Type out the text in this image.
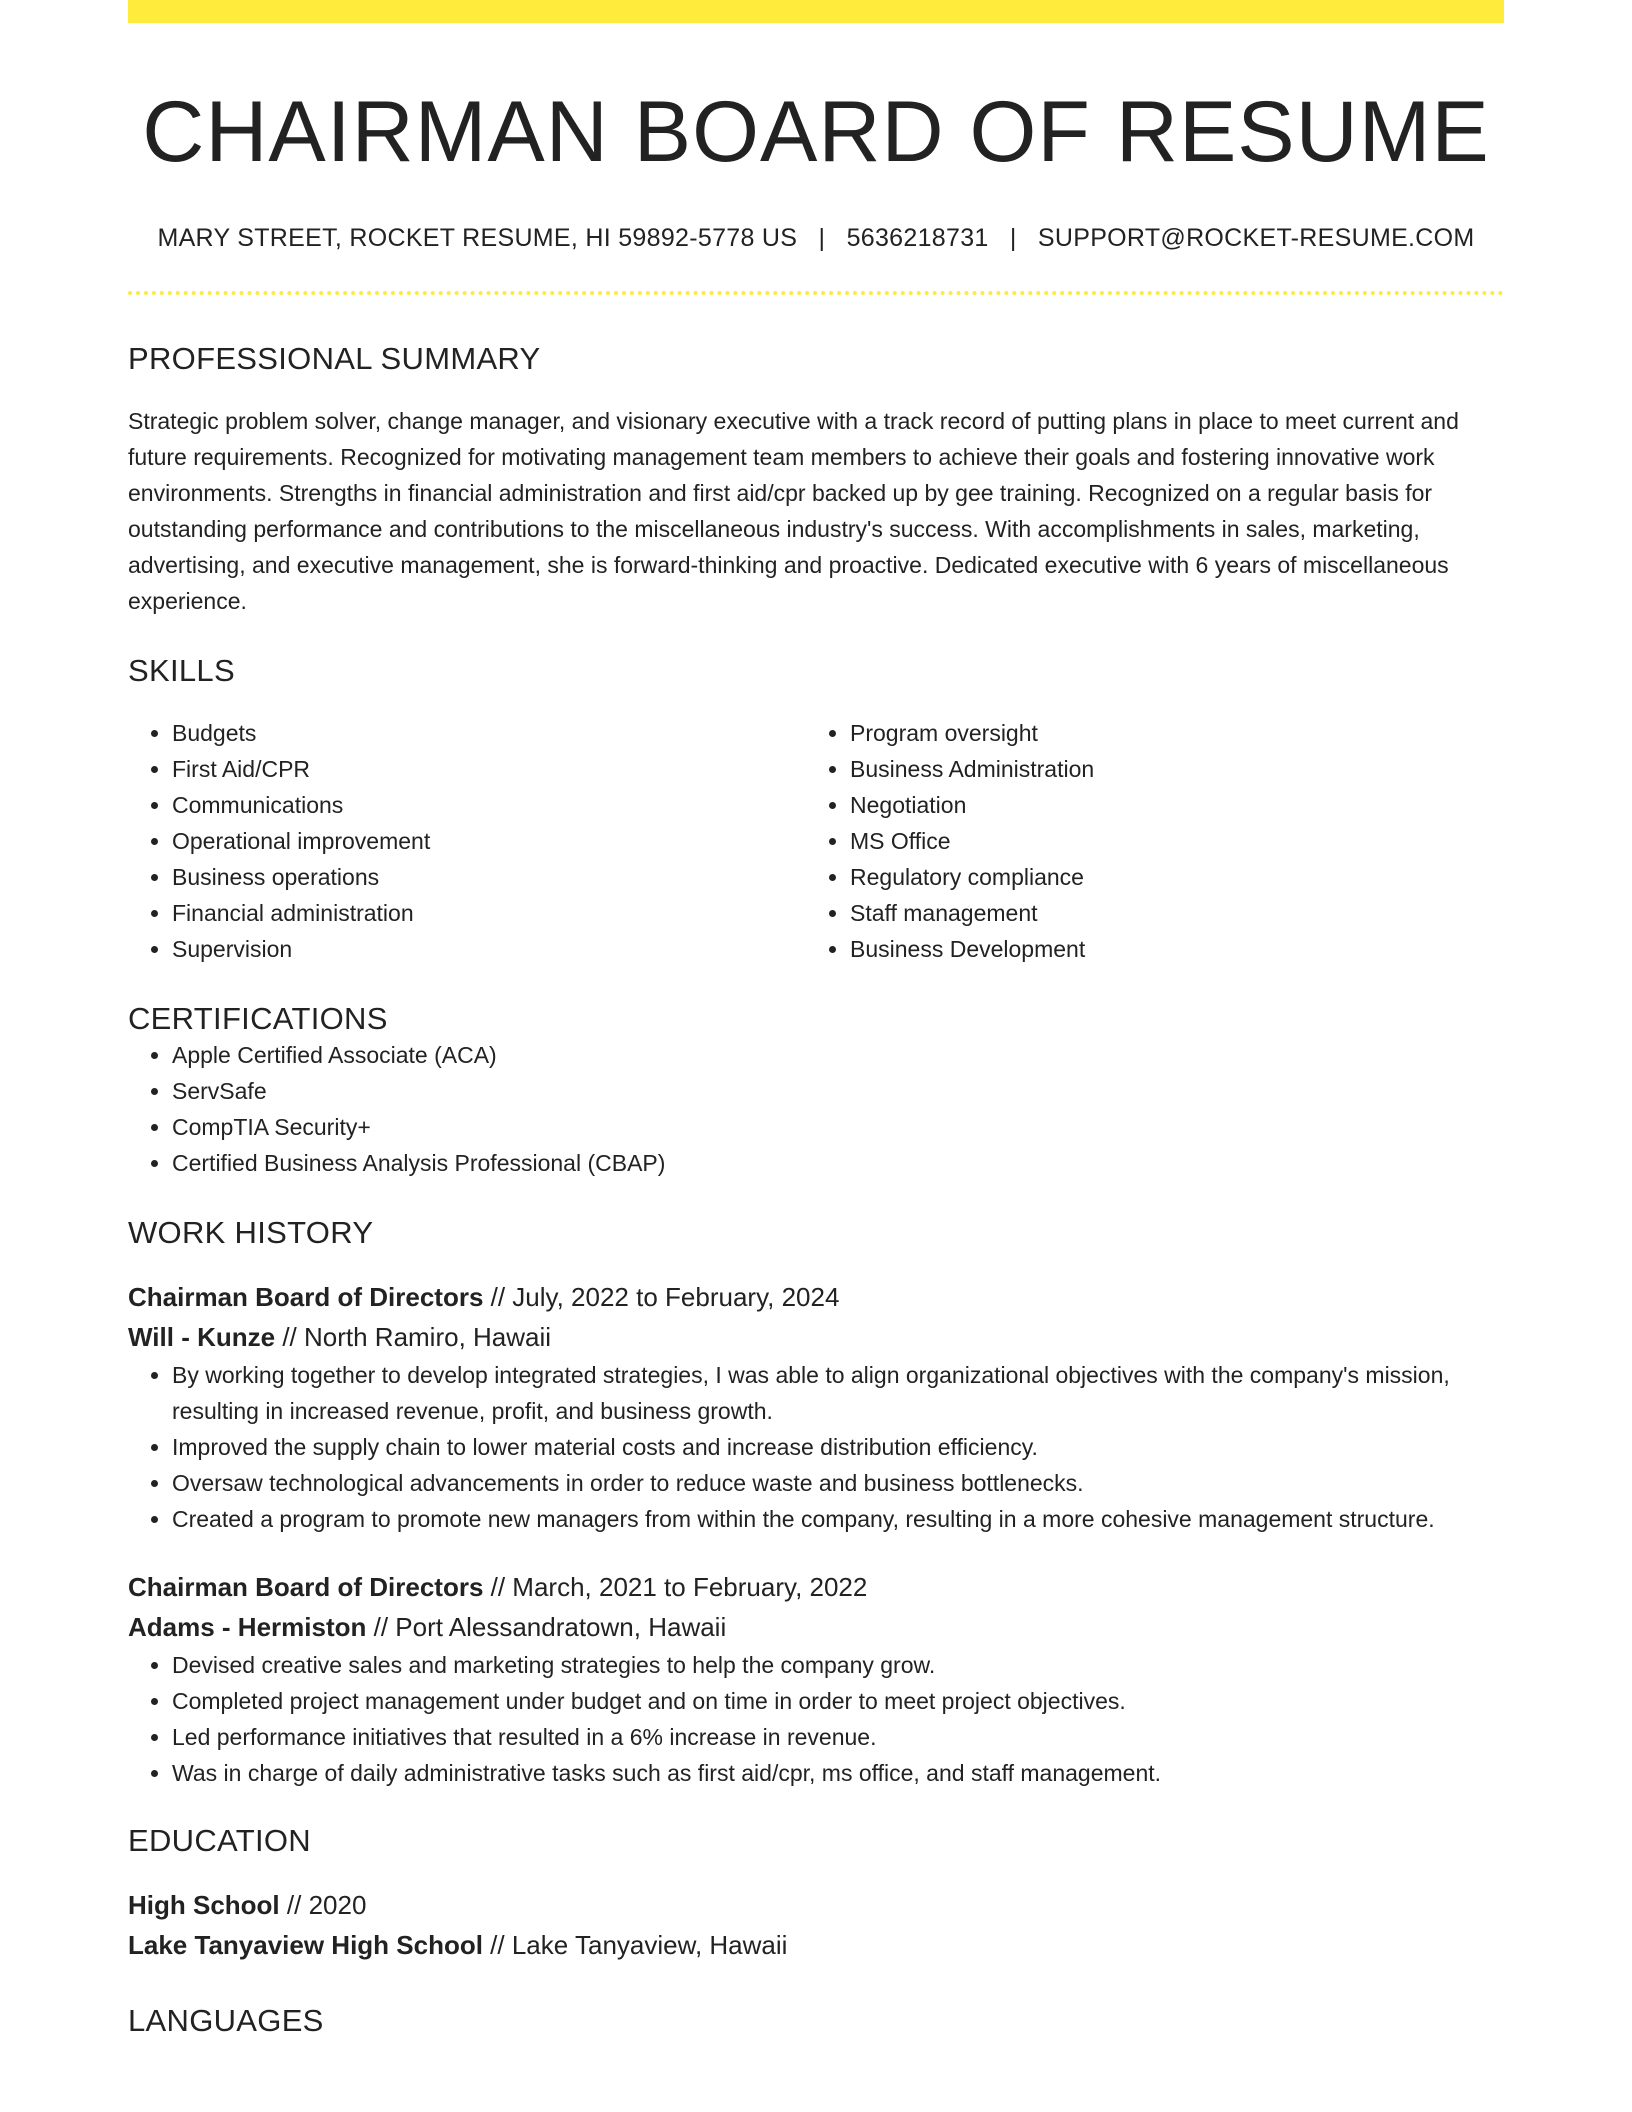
CHAIRMAN BOARD OF RESUME
MARY STREET, ROCKET RESUME, HI 59892-5778 US | 5636218731 | SUPPORT@ROCKET-RESUME.COM
PROFESSIONAL SUMMARY

Strategic problem solver, change manager, and visionary executive with a track record of putting plans in place to meet current and future requirements. Recognized for motivating management team members to achieve their goals and fostering innovative work environments. Strengths in financial administration and first aid/cpr backed up by gee training. Recognized on a regular basis for outstanding performance and contributions to the miscellaneous industry's success. With accomplishments in sales, marketing, advertising, and executive management, she is forward-thinking and proactive. Dedicated executive with 6 years of miscellaneous experience.

SKILLS
• Budgets
• First Aid/CPR
• Communications
• Operational improvement
• Business operations
• Financial administration
• Supervision
• Program oversight
• Business Administration
• Negotiation
• MS Office
• Regulatory compliance
• Staff management
• Business Development
CERTIFICATIONS
• Apple Certified Associate (ACA)
• ServSafe
• CompTIA Security+
• Certified Business Analysis Professional (CBAP)
WORK HISTORY
Chairman Board of Directors // July, 2022 to February, 2024
Will - Kunze // North Ramiro, Hawaii
• By working together to develop integrated strategies, I was able to align organizational objectives with the company's mission, resulting in increased revenue, profit, and business growth.
• Improved the supply chain to lower material costs and increase distribution efficiency.
• Oversaw technological advancements in order to reduce waste and business bottlenecks.
• Created a program to promote new managers from within the company, resulting in a more cohesive management structure.
Chairman Board of Directors // March, 2021 to February, 2022
Adams - Hermiston // Port Alessandratown, Hawaii
• Devised creative sales and marketing strategies to help the company grow.
• Completed project management under budget and on time in order to meet project objectives.
• Led performance initiatives that resulted in a 6% increase in revenue.
• Was in charge of daily administrative tasks such as first aid/cpr, ms office, and staff management.
EDUCATION
High School // 2020
Lake Tanyaview High School // Lake Tanyaview, Hawaii
LANGUAGES
